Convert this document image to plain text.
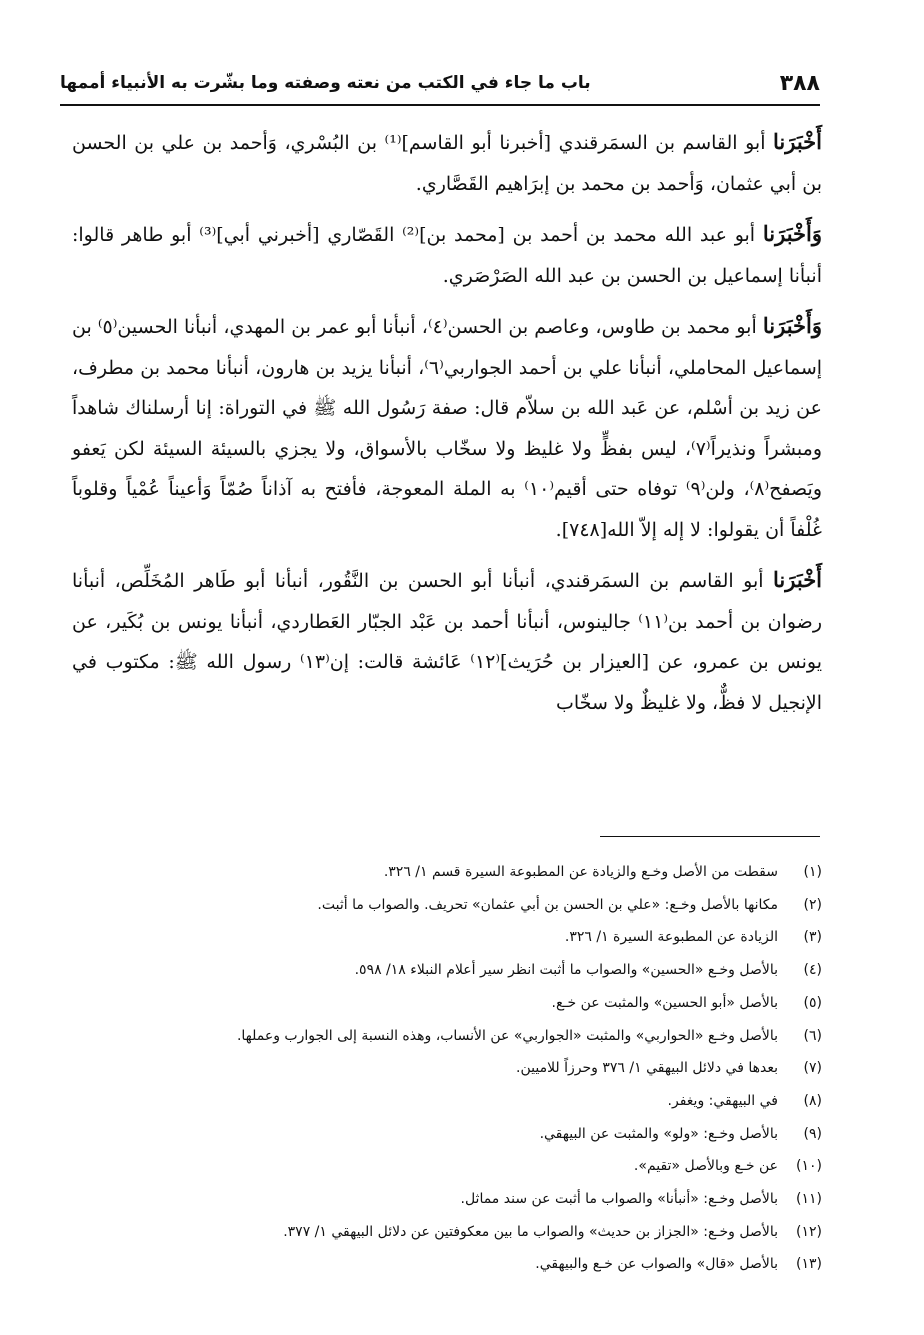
٣٨٨
باب ما جاء في الكتب من نعته وصفته وما بشّرت به الأنبياء أممها

أَخْبَرَنا أبو القاسم بن السمَرقندي [أخبرنا أبو القاسم]⁽¹⁾ بن البُسْري، وَأحمد بن علي بن الحسن بن أبي عثمان، وَأحمد بن محمد بن إبرَاهيم القَصَّاري.

وَأَخْبَرَنا أبو عبد الله محمد بن أحمد بن [محمد بن]⁽²⁾ القَصّاري [أخبرني أبي]⁽³⁾ أبو طاهر قالوا: أنبأنا إسماعيل بن الحسن بن عبد الله الصَرْصَري.

وَأَخْبَرَنا أبو محمد بن طاوس، وعاصم بن الحسن⁽٤⁾، أنبأنا أبو عمر بن المهدي، أنبأنا الحسين⁽٥⁾ بن إسماعيل المحاملي، أنبأنا علي بن أحمد الجواربي⁽٦⁾، أنبأنا يزيد بن هارون، أنبأنا محمد بن مطرف، عن زيد بن أسْلم، عن عَبد الله بن سلاّم قال: صفة رَسُول الله ﷺ في التوراة: إنا أرسلناك شاهداً ومبشراً ونذيراً⁽٧⁾، ليس بفظٍّ ولا غليظ ولا سخّاب بالأسواق، ولا يجزي بالسيئة السيئة لكن يَعفو ويَصفح⁽٨⁾، ولن⁽٩⁾ توفاه حتى أقيم⁽١٠⁾ به الملة المعوجة، فأفتح به آذاناً صُمّاً وَأعيناً عُمْياً وقلوباً غُلْفاً أن يقولوا: لا إله إلاّ الله[٧٤٨].

أَخْبَرَنا أبو القاسم بن السمَرقندي، أنبأنا أبو الحسن بن النَّقُور، أنبأنا أبو طَاهر المُخَلِّص، أنبأنا رضوان بن أحمد بن⁽١١⁾ جالينوس، أنبأنا أحمد بن عَبْد الجبّار العَطاردي، أنبأنا يونس بن بُكَير، عن يونس بن عمرو، عن [العيزار بن حُرَيث]⁽١٢⁾ عَائشة قالت: إن⁽١٣⁾ رسول الله ﷺ: مكتوب في الإنجيل لا فظٌّ، ولا غليظٌ ولا سخّاب

(١)
سقطت من الأصل وخـع والزيادة عن المطبوعة السيرة قسم ١/ ٣٢٦.
(٢)
مكانها بالأصل وخـع: «علي بن الحسن بن أبي عثمان» تحريف. والصواب ما أثبت.
(٣)
الزيادة عن المطبوعة السيرة ١/ ٣٢٦.
(٤)
بالأصل وخـع «الحسين» والصواب ما أثبت انظر سير أعلام النبلاء ١٨/ ٥٩٨.
(٥)
بالأصل «أبو الحسين» والمثبت عن خـع.
(٦)
بالأصل وخـع «الحواربي» والمثبت «الجواربي» عن الأنساب، وهذه النسبة إلى الجوارب وعملها.
(٧)
بعدها في دلائل البيهقي ١/ ٣٧٦ وحرزاً للاميين.
(٨)
في البيهقي: ويغفر.
(٩)
بالأصل وخـع: «ولو» والمثبت عن البيهقي.
(١٠)
عن خـع وبالأصل «تقيم».
(١١)
بالأصل وخـع: «أنبأنا» والصواب ما أثبت عن سند مماثل.
(١٢)
بالأصل وخـع: «الجزاز بن حديث» والصواب ما بين معكوفتين عن دلائل البيهقي ١/ ٣٧٧.
(١٣)
بالأصل «قال» والصواب عن خـع والبيهقي.
